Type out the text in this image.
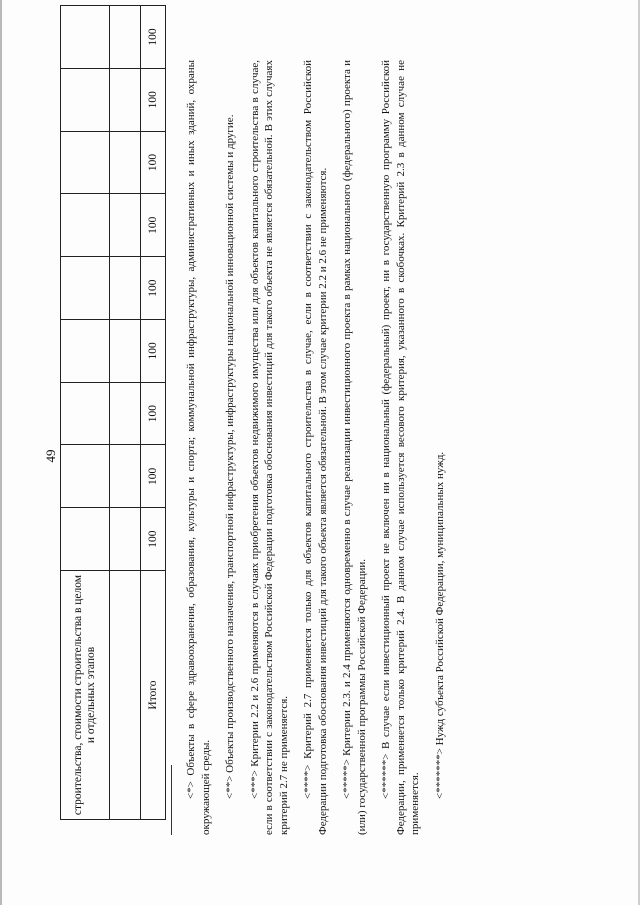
49
строительства, стоимости строительства в целом и отдельных этапов									

Итого	100	100	100	100	100	100	100	100	100

<*> Объекты в сфере здравоохранения, образования, культуры и спорта; коммунальной инфраструктуры, административных и иных зданий, охраны окружающей среды. <**> Объекты производственного назначения, транспортной инфраструктуры, инфраструктуры национальной инновационной системы и другие.

<***> Критерии 2.2 и 2.6 применяются в случаях приобретения объектов недвижимого имущества или для объектов капитального строительства в случае, если в соответствии с законодательством Российской Федерации подготовка обоснования инвестиций для такого объекта не является обязательной. В этих случаях критерий 2.7 не применяется. <****> Критерий 2.7 применяется только для объектов капитального строительства в случае, если в соответствии с законодательством Российской Федерации подготовка обоснования инвестиций для такого объекта является обязательной. В этом случае критерии 2.2 и 2.6 не применяются. <*****> Критерии 2.3. и 2.4 применяются одновременно в случае реализации инвестиционного проекта в рамках национального (федерального) проекта и (или) государственной программы Российской Федерации. <******> В случае если инвестиционный проект не включен ни в национальный (федеральный) проект, ни в государственную программу Российской Федерации, применяется только критерий 2.4. В данном случае используется весового критерия, указанного в скобочках. Критерий 2.3 в данном случае не применяется. <*******> Нужд субъекта Российской Федерации, муниципальных нужд.
